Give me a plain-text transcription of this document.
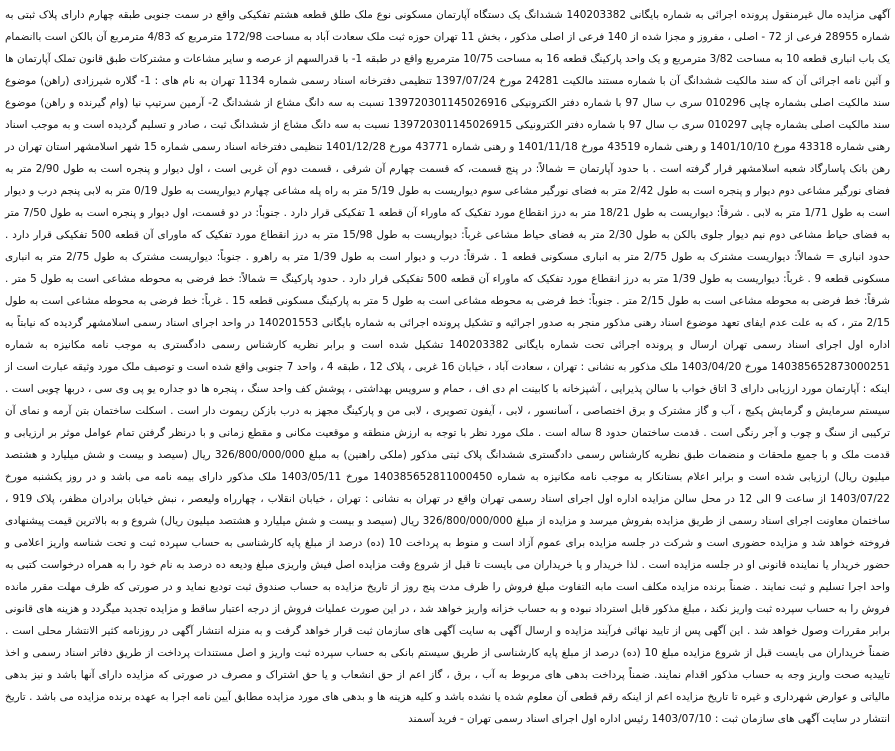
آگهی مزایده مال غیرمنقول پرونده اجرائی به شماره بایگانی 140203382 ششدانگ یک دستگاه آپارتمان مسکونی نوع ملک طلق قطعه هشتم تفکیکی واقع در سمت جنوبی طبقه چهارم دارای پلاک ثبتی به شماره 28955 فرعی از 72 - اصلی ، مفروز و مجزا شده از 140 فرعی از اصلی مذکور ، بخش 11 تهران حوزه ثبت ملک سعادت آباد به مساحت 172/98 مترمربع که 4/83 مترمربع آن بالکن است باانضمام یک باب انباری قطعه 10 به مساحت 3/82 مترمربع و یک واحد پارکینگ قطعه 16 به مساحت 10/75 مترمربع واقع در طبقه 1- با قدرالسهم از عرصه و سایر مشاعات و مشترکات طبق قانون تملک آپارتمان ها و آئین نامه اجرائی آن که سند مالکیت ششدانگ آن با شماره مستند مالکیت 24281 مورخ 1397/07/24 تنظیمی دفترخانه اسناد رسمی شماره 1134 تهران به نام های : 1- گلاره شیرزادی (راهن) موضوع سند مالکیت اصلی بشماره چاپی 010296 سری ب سال 97 با شماره دفتر الکترونیکی 139720301145026916 نسبت به سه دانگ مشاع از ششدانگ 2- آرمین سرتیپ نیا (وام گیرنده و راهن) موضوع سند مالکیت اصلی بشماره چاپی 010297 سری ب سال 97 با شماره دفتر الکترونیکی 139720301145026915 نسبت به سه دانگ مشاع از ششدانگ ثبت ، صادر و تسلیم گردیده است و به موجب اسناد رهنی شماره 43318 مورخ 1401/10/10 و رهنی شماره 43519 مورخ 1401/11/18 و رهنی شماره 43771 مورخ 1401/12/28 تنظیمی دفترخانه اسناد رسمی شماره 15 شهر اسلامشهر استان تهران در رهن بانک پاسارگاد شعبه اسلامشهر قرار گرفته است . با حدود آپارتمان = شمالاً: در پنج قسمت، که قسمت چهارم آن شرقی ، قسمت دوم آن غربی است ، اول دیوار و پنجره است به طول 2/90 متر به فضای نورگیر مشاعی دوم دیوار و پنجره است به طول 2/42 متر به فضای نورگیر مشاعی سوم دیواریست به طول 5/19 متر به راه پله مشاعی چهارم دیواریست به طول 0/19 متر به لابی پنجم درب و دیوار است به طول 1/71 متر به لابی . شرقاً: دیواریست به طول 18/21 متر به درز انقطاع مورد تفکیک که ماوراء آن قطعه 1 تفکیکی قرار دارد . جنوباً: در دو قسمت، اول دیوار و پنجره است به طول 7/50 متر به فضای حیاط مشاعی دوم نیم دیوار جلوی بالکن به طول 2/30 متر به فضای حیاط مشاعی غرباً: دیواریست به طول 15/98 متر به درز انقطاع مورد تفکیک که ماورای آن قطعه 500 تفکیکی قرار دارد . حدود انباری = شمالاً: دیواریست مشترک به طول 2/75 متر به انباری مسکونی قطعه 1 . شرقاً: درب و دیوار است به طول 1/39 متر به راهرو . جنوباً: دیواریست مشترک به طول 2/75 متر به انباری مسکونی قطعه 9 . غرباً: دیواریست به طول 1/39 متر به درز انقطاع مورد تفکیک که ماوراء آن قطعه 500 تفکیکی قرار دارد . حدود پارکینگ = شمالاً: خط فرضی به محوطه مشاعی است به طول 5 متر . شرقاً: خط فرضی به محوطه مشاعی است به طول 2/15 متر . جنوباً: خط فرضی به محوطه مشاعی است به طول 5 متر به پارکینگ مسکونی قطعه 15 . غرباً: خط فرضی به محوطه مشاعی است به طول 2/15 متر ، که به علت عدم ایفای تعهد موضوع اسناد رهنی مذکور منجر به صدور اجرائیه و تشکیل پرونده اجرائی به شماره بایگانی 140201553 در واحد اجرای اسناد رسمی اسلامشهر گردیده که نیابتاً به اداره اول اجرای اسناد رسمی تهران ارسال و پرونده اجرائی تحت شماره بایگانی 140203382 تشکیل شده است و برابر نظریه کارشناس رسمی دادگستری به موجب نامه مکانیزه به شماره 140385652873000251 مورخ 1403/04/20 ملک مذکور به نشانی : تهران ، سعادت آباد ، خیابان 16 غربی ، پلاک 12 ، طبقه 4 ، واحد 7 جنوبی واقع شده است و توصیف ملک مورد وثیقه عبارت است از اینکه : آپارتمان مورد ارزیابی دارای 3 اتاق خواب با سالن پذیرایی ، آشپزخانه با کابینت ام دی اف ، حمام و سرویس بهداشتی ، پوشش کف واحد سنگ ، پنجره ها دو جداره یو پی وی سی ، دربها چوبی است . سیستم سرمایش و گرمایش پکیج ، آب و گاز مشترک و برق اختصاصی ، آسانسور ، لابی ، آیفون تصویری ، لابی من و پارکینگ مجهز به درب بازکن ریموت دار است . اسکلت ساختمان بتن آرمه و نمای آن ترکیبی از سنگ و چوب و آجر رنگی است . قدمت ساختمان حدود 8 ساله است . ملک مورد نظر با توجه به ارزش منطقه و موقعیت مکانی و مقطع زمانی و با درنظر گرفتن تمام عوامل موثر بر ارزیابی و قدمت ملک و با جمیع ملحقات و منضمات طبق نظریه کارشناس رسمی دادگستری ششدانگ پلاک ثبتی مذکور (ملکی راهنین) به مبلغ 326/800/000/000 ریال (سیصد و بیست و شش میلیارد و هشتصد میلیون ریال) ارزیابی شده است و برابر اعلام بستانکار به موجب نامه مکانیزه به شماره 140385652811000450 مورخ 1403/05/11 ملک مذکور دارای بیمه نامه می باشد و در روز یکشنبه مورخ 1403/07/22 از ساعت 9 الی 12 در محل سالن مزایده اداره اول اجرای اسناد رسمی تهران واقع در تهران به نشانی : تهران ، خیابان انقلاب ، چهارراه ولیعصر ، نبش خیابان برادران مظفر، پلاک 919 ، ساختمان معاونت اجرای اسناد رسمی از طریق مزایده بفروش میرسد و مزایده از مبلغ 326/800/000/000 ریال (سیصد و بیست و شش میلیارد و هشتصد میلیون ریال) شروع و به بالاترین قیمت پیشنهادی فروخته خواهد شد و مزایده حضوری است و شرکت در جلسه مزایده برای عموم آزاد است و منوط به پرداخت 10 (ده) درصد از مبلغ پایه کارشناسی به حساب سپرده ثبت و تحت شناسه واریز اعلامی و حضور خریدار یا نماینده قانونی او در جلسه مزایده است . لذا خریدار و یا خریداران می بایست تا قبل از شروع وقت مزایده اصل فیش واریزی مبلغ ودیعه ده درصد به نام خود را به همراه درخواست کتبی به واحد اجرا تسلیم و ثبت نمایند . ضمناً برنده مزایده مکلف است مابه التفاوت مبلغ فروش را ظرف مدت پنج روز از تاریخ مزایده به حساب صندوق ثبت تودیع نماید و در صورتی که ظرف مهلت مقرر مانده فروش را به حساب سپرده ثبت واریز نکند ، مبلغ مذکور قابل استرداد نبوده و به حساب خزانه واریز خواهد شد ، در این صورت عملیات فروش از درجه اعتبار ساقط و مزایده تجدید میگردد و هزینه های قانونی برابر مقررات وصول خواهد شد . این آگهی پس از تایید نهائی فرآیند مزایده و ارسال آگهی به سایت آگهی های سازمان ثبت قرار خواهد گرفت و به منزله انتشار آگهی در روزنامه کثیر الانتشار محلی است . ضمناً خریداران می بایست قبل از شروع مزایده مبلغ 10 (ده) درصد از مبلغ پایه کارشناسی از طریق سیستم بانکی به حساب سپرده ثبت واریز و اصل مستندات پرداخت از طریق دفاتر اسناد رسمی و اخذ تاییدیه صحت واریز وجه به حساب مذکور اقدام نمایند. ضمناً پرداخت بدهی های مربوط به آب ، برق ، گاز اعم از حق انشعاب و یا حق اشتراک و مصرف در صورتی که مزایده دارای آنها باشد و نیز بدهی مالیاتی و عوارض شهرداری و غیره تا تاریخ مزایده اعم از اینکه رقم قطعی آن معلوم شده یا نشده باشد و کلیه هزینه ها و بدهی های مورد مزایده مطابق آیین نامه اجرا به عهده برنده مزایده می باشد . تاریخ انتشار در سایت آگهی های سازمان ثبت : 1403/07/10 رئیس اداره اول اجرای اسناد رسمی تهران - فرید آسمند
